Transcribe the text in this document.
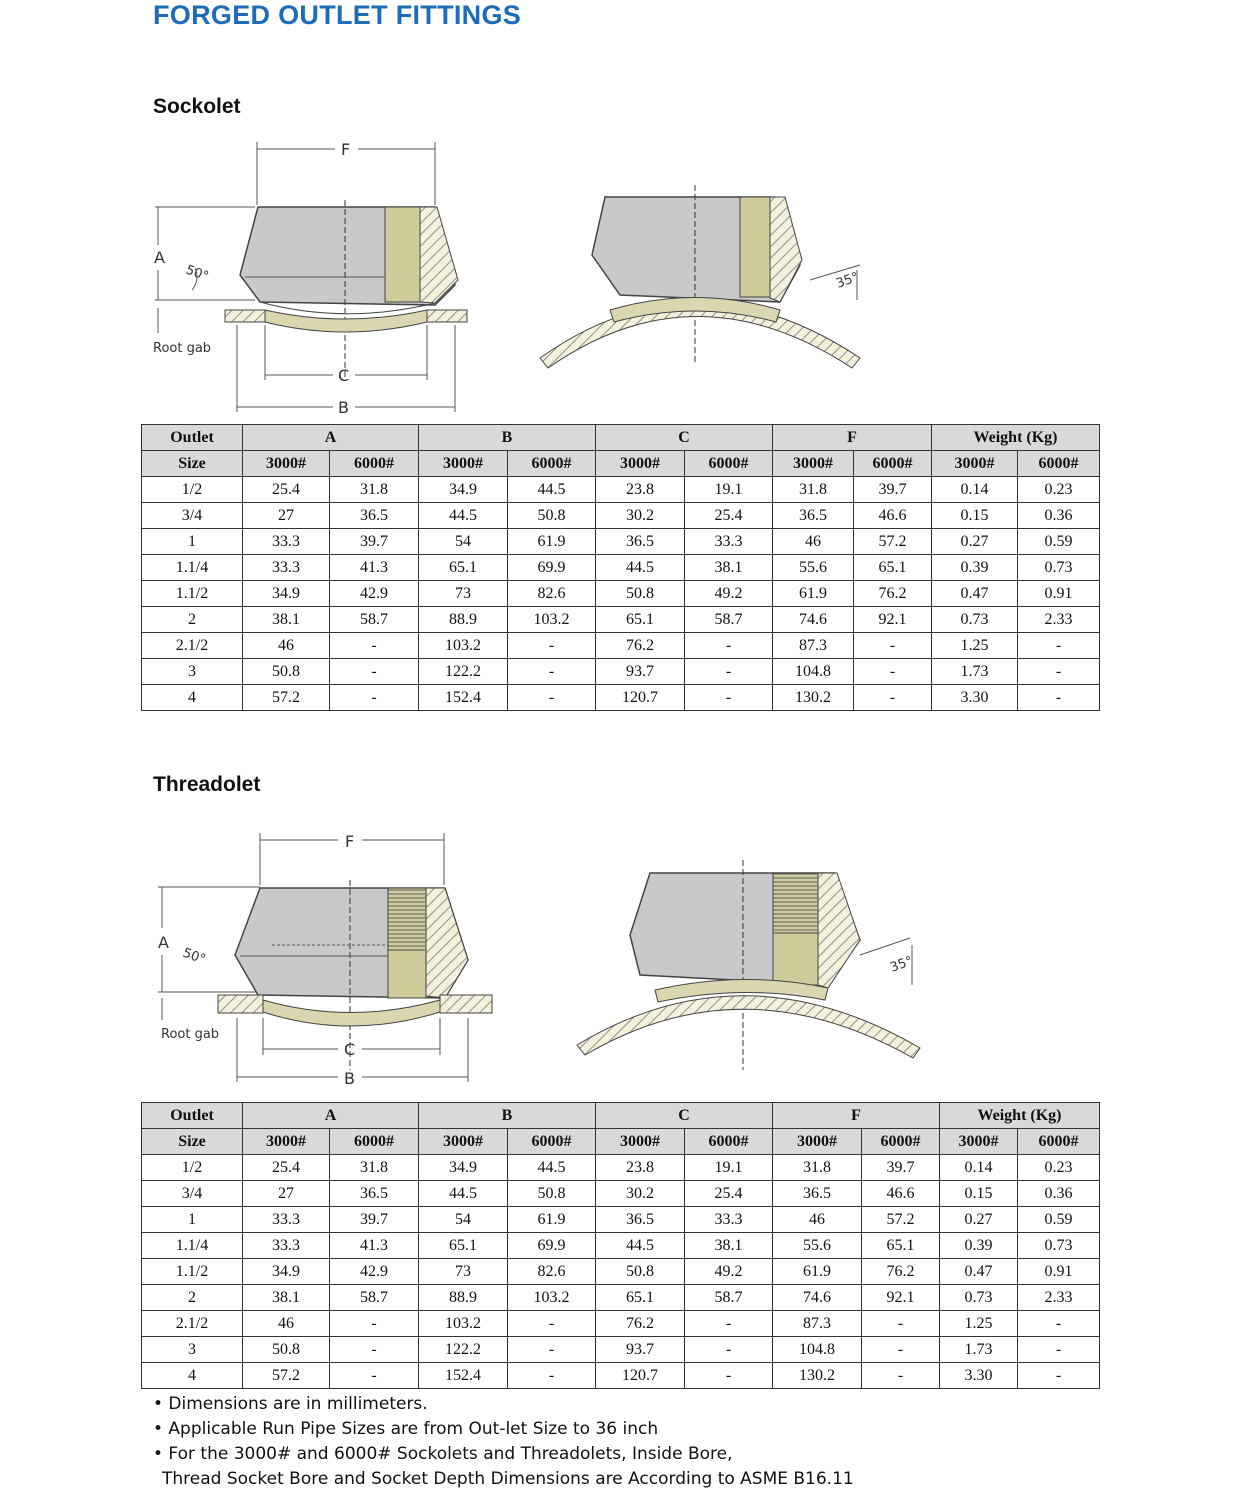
FORGED OUTLET FITTINGS
Sockolet
F
A
50°
Root gab
C
B
35°
Outlet	A		B		C		F		Weight (Kg)	
Size	3000#	6000#	3000#	6000#	3000#	6000#	3000#	6000#	3000#	6000#
1/2	25.4	31.8	34.9	44.5	23.8	19.1	31.8	39.7	0.14	0.23
3/4	27	36.5	44.5	50.8	30.2	25.4	36.5	46.6	0.15	0.36
1	33.3	39.7	54	61.9	36.5	33.3	46	57.2	0.27	0.59
1.1/4	33.3	41.3	65.1	69.9	44.5	38.1	55.6	65.1	0.39	0.73
1.1/2	34.9	42.9	73	82.6	50.8	49.2	61.9	76.2	0.47	0.91
2	38.1	58.7	88.9	103.2	65.1	58.7	74.6	92.1	0.73	2.33
2.1/2	46	-	103.2	-	76.2	-	87.3	-	1.25	-
3	50.8	-	122.2	-	93.7	-	104.8	-	1.73	-
4	57.2	-	152.4	-	120.7	-	130.2	-	3.30	-
Threadolet
F
A
50°
Root gab
C
B
35°
Outlet	A		B		C		F		Weight (Kg)	
Size	3000#	6000#	3000#	6000#	3000#	6000#	3000#	6000#	3000#	6000#
1/2	25.4	31.8	34.9	44.5	23.8	19.1	31.8	39.7	0.14	0.23
3/4	27	36.5	44.5	50.8	30.2	25.4	36.5	46.6	0.15	0.36
1	33.3	39.7	54	61.9	36.5	33.3	46	57.2	0.27	0.59
1.1/4	33.3	41.3	65.1	69.9	44.5	38.1	55.6	65.1	0.39	0.73
1.1/2	34.9	42.9	73	82.6	50.8	49.2	61.9	76.2	0.47	0.91
2	38.1	58.7	88.9	103.2	65.1	58.7	74.6	92.1	0.73	2.33
2.1/2	46	-	103.2	-	76.2	-	87.3	-	1.25	-
3	50.8	-	122.2	-	93.7	-	104.8	-	1.73	-
4	57.2	-	152.4	-	120.7	-	130.2	-	3.30	-
• Dimensions are in millimeters.
• Applicable Run Pipe Sizes are from Out-let Size to 36 inch
• For the 3000# and 6000# Sockolets and Threadolets, Inside Bore,
Thread Socket Bore and Socket Depth Dimensions are According to ASME B16.11
